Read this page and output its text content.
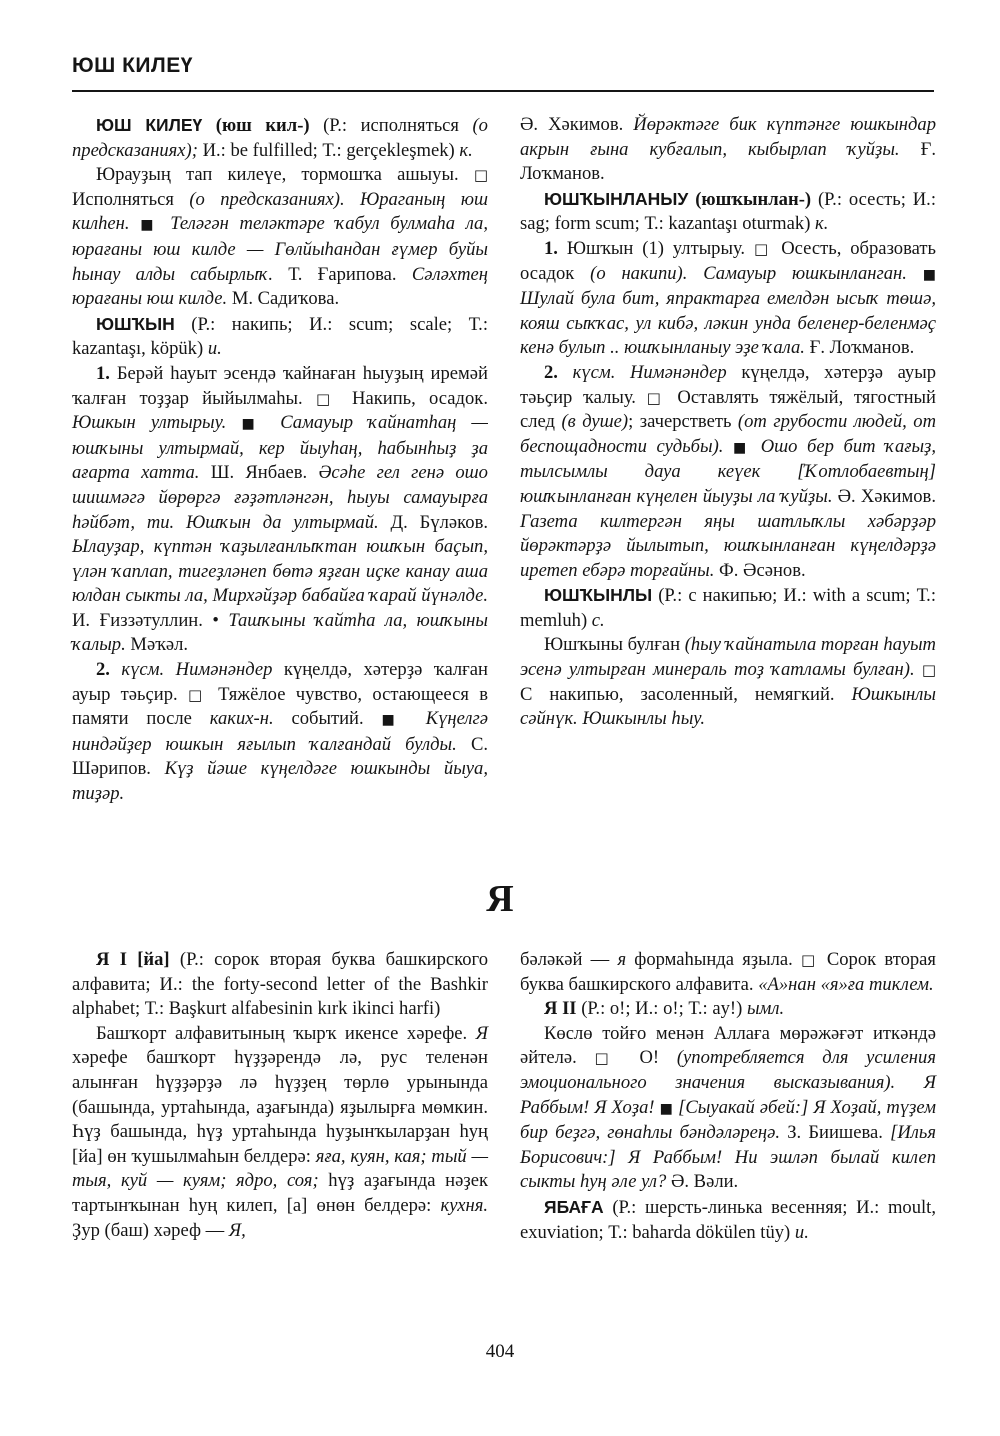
ЮШ КИЛЕҮ

ЮШ КИЛЕҮ (юш кил-) (Р.: исполняться (о предсказаниях); И.: be fulfilled; Т.: gerçekleşmek) к.

Юрауҙың тап килеүе, тормошҡа ашыуы. □ Исполняться (о предсказаниях). Юраганың юш килһен. ■ Теләгән теләктәре ҡабул булмаһа ла, юрағаны юш килде — Гөлйыһандан ғүмер буйы һынау алды сабырлыҡ. Т. Ғарипова. Сәләхтең юрағаны юш килде. М. Садиҡова.

ЮШҠЫН (Р.: накипь; И.: scum; scale; Т.: kazantaşı, köpük) и.

1. Берәй һауыт эсендә ҡайнаған һыуҙың иремәй ҡалған тоҙҙар йыйылмаһы. □ Накипь, осадок. Юшкын ултырыу. ■ Самауыр ҡайнатһаң — юшҡыны ултырмай, кер йыуһаң, һабынһыҙ ҙа ағарта хатта. Ш. Янбаев. Әсәһе гел генә ошо шишмәгә йөрөргә ғәҙәтләнгән, һыуы самауырға һәйбәт, ти. Юшҡын да ултырмай. Д. Бүләков. Ылауҙар, күптән ҡаҙылғанлыҡтан юшҡын баҫып, үлән ҡаплап, тигеҙләнеп бөтә яҙған иҫке канау аша юлдан сыкты ла, Мирхәйҙәр бабайға ҡарай йүнәлде. И. Ғиззәтуллин. • Ташҡыны ҡайтһа ла, юшҡыны ҡалыр. Мәҡәл.

2. күсм. Нимәнәндер күңелдә, хәтерҙә ҡалған ауыр тәьҫир. □ Тяжёлое чувство, остающееся в памяти после каких-н. событий. ■ Күңелгә ниндәйҙер юшкын яғылып ҡалғандай булды. С. Шәрипов. Күҙ йәше күңелдәге юшкынды йыуа, тиҙәр.

Ә. Хәкимов. Йөрәктәге бик күптәнге юшкындар акрын ғына кубғалып, кыбырлап ҡуйҙы. Ғ. Лоҡманов.

ЮШҠЫНЛАНЫУ (юшҡынлан-) (Р.: осесть; И.: sag; form scum; Т.: kazantaşı oturmak) к.

1. Юшҡын (1) ултырыу. □ Осесть, образовать осадок (о накипи). Самауыр юшкынланган. ■ Шулай була бит, япрактарға емелдән ысыҡ төшә, кояш сыҡҡас, ул кибә, ләкин унда беленер-беленмәҫ кенә булып .. юшҡынланыу эҙе ҡала. Ғ. Лоҡманов.

2. күсм. Нимәнәндер күңелдә, хәтерҙә ауыр тәьҫир ҡалыу. □ Оставлять тяжёлый, тягостный след (в душе); зачерстветь (от грубости людей, от беспощадности судьбы). ■ Ошо бер бит ҡағыҙ, тылсымлы дауа кеүек [Ҡотлобаевтың] юшҡынланған күңелен йыуҙы ла ҡуйҙы. Ә. Хәкимов. Газета килтергән яңы шатлыҡлы хәбәрҙәр йөрәктәрҙә йылытып, юшҡынланған күңелдәрҙә иретеп ебәрә торғайны. Ф. Әсәнов.

ЮШҠЫНЛЫ (Р.: с накипью; И.: with a scum; Т.: memluh) с.

Юшҡыны булған (һыу ҡайнатыла торған һауыт эсенә ултырған минераль тоҙ ҡатламы булған). □ С накипью, засоленный, немягкий. Юшкынлы сәйнүк. Юшкынлы һыу.

Я

Я I [йа] (Р.: сорок вторая буква башкирского алфавита; И.: the forty-second letter of the Bashkir alphabet; Т.: Başkurt alfabesinin kırk ikinci harfi)

Башҡорт алфавитының ҡырҡ икенсе хәрефе. Я хәрефе башҡорт һүҙҙәрендә лә, рус теленән алынған һүҙҙәрҙә лә һүҙҙең төрлө урынында (башында, уртаһында, аҙағында) яҙылырға мөмкин. Һүҙ башында, һүҙ уртаһында һуҙынҡыларҙан һуң [йа] өн ҡушылмаһын белдерә: яға, куян, кая; тый — тыя, куй — куям; ядро, соя; һүҙ аҙағында нәҙек тартынҡынан һуң килеп, [а] өнөн белдерә: кухня. Ҙур (баш) хәреф — Я,

бәләкәй — я формаһында яҙыла. □ Сорок вторая буква башкирского алфавита. «А»нан «я»ға тиклем.

Я II (Р.: о!; И.: о!; Т.: ay!) ымл.

Көслө тойғо менән Аллаға мөрәжәғәт иткәндә әйтелә. □ О! (употребляется для усиления эмоционального значения высказывания). Я Раббым! Я Хоҙа! ■ [Сыуакай әбей:] Я Хоҙай, түҙем бир беҙгә, гөнаһлы бәндәләреңә. З. Биишева. [Илья Борисович:] Я Раббым! Ни эшләп былай килеп сыкты һуң әле ул? Ә. Вәли.

ЯБАҒА (Р.: шерсть-линька весенняя; И.: moult, exuviation; Т.: baharda dökülen tüy) и.

404
